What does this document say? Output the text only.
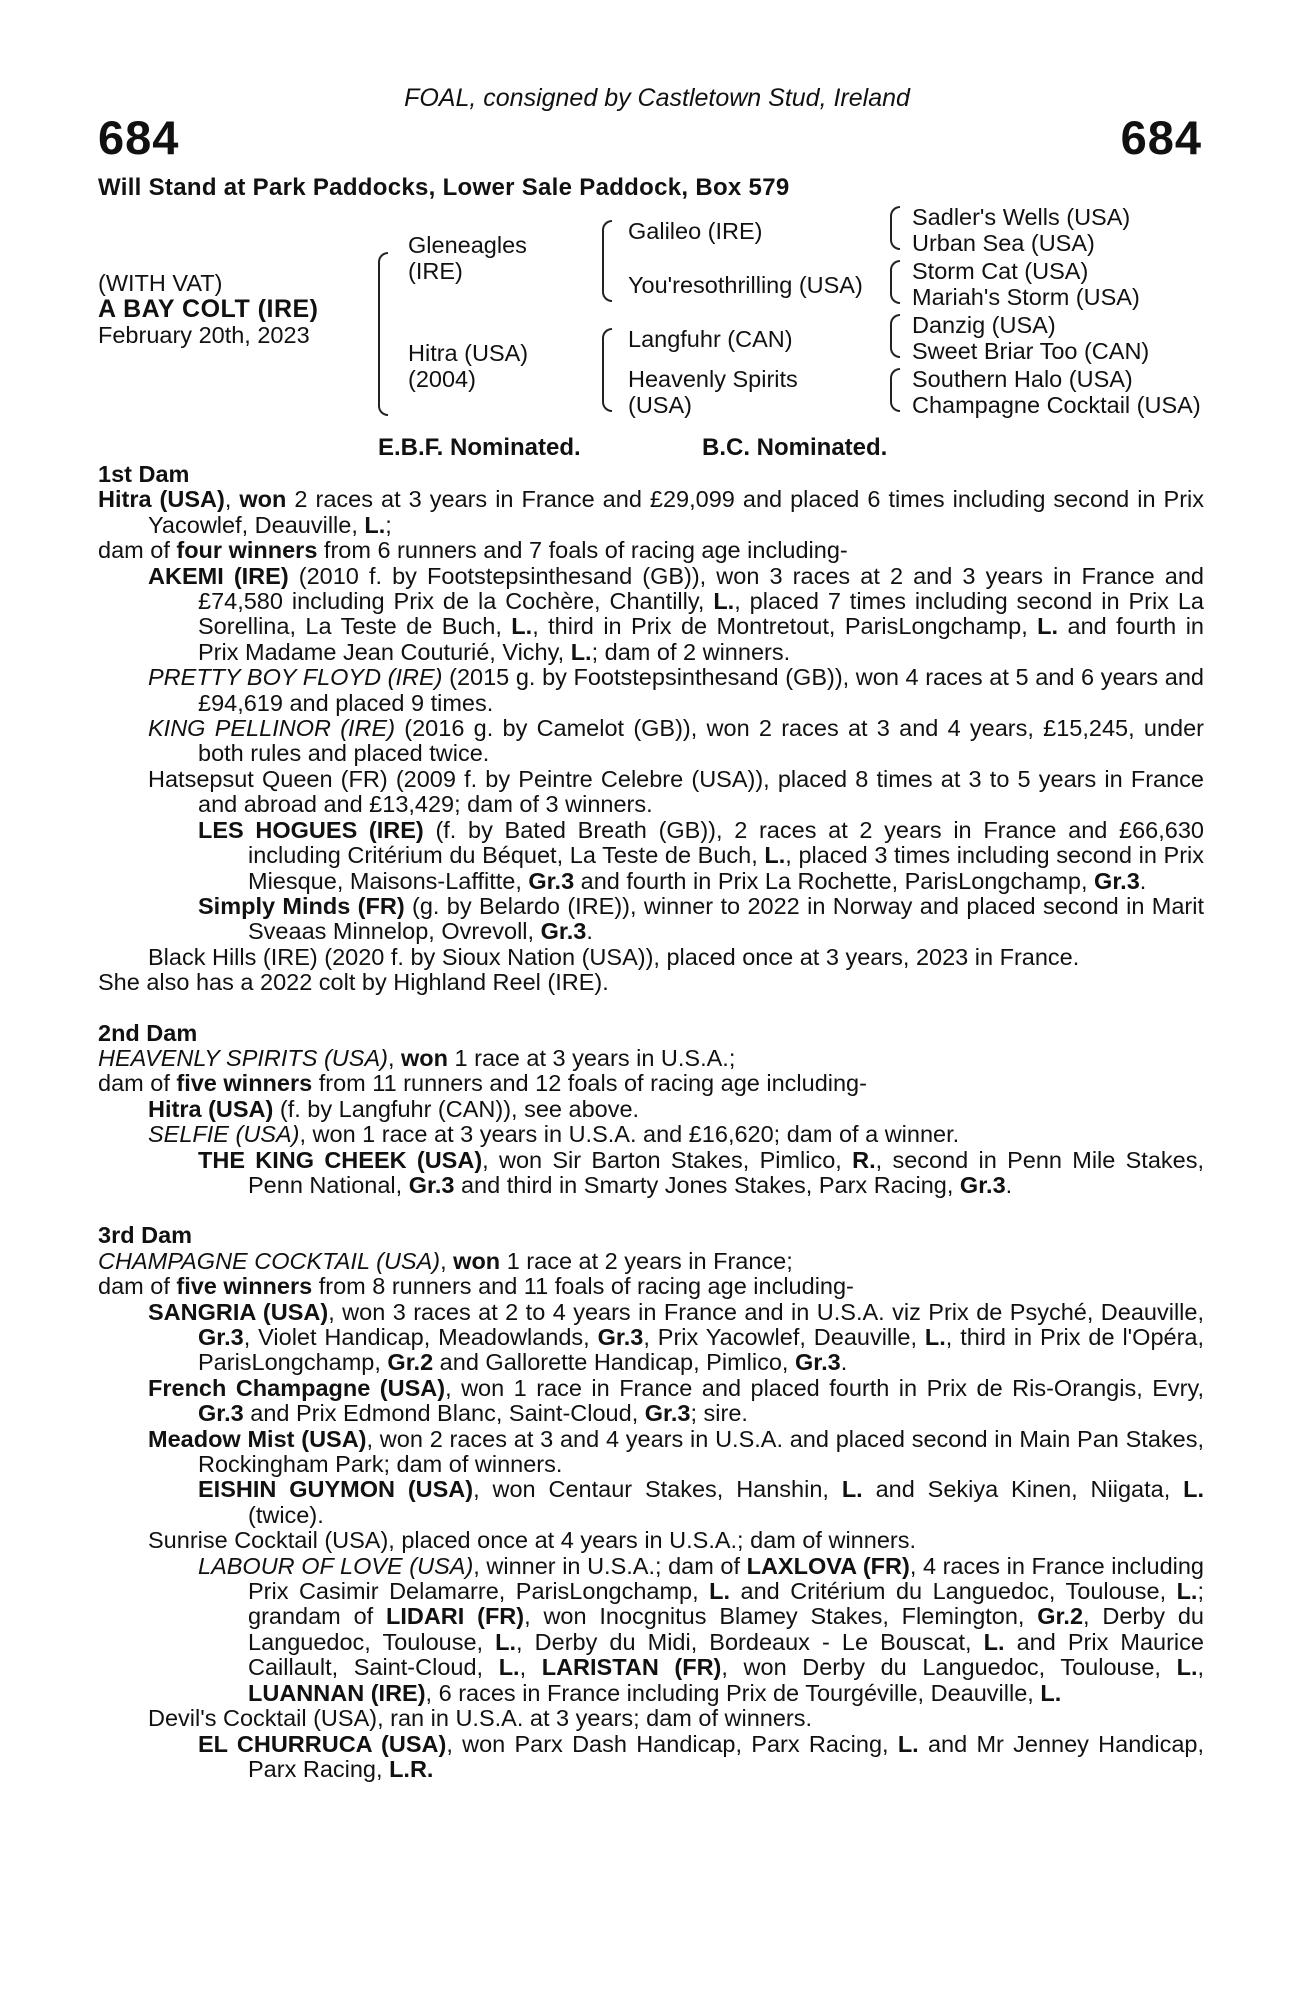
FOAL, consigned by Castletown Stud, Ireland
684	684
Will Stand at Park Paddocks, Lower Sale Paddock, Box 579
(WITH VAT)
A BAY COLT (IRE)
February 20th, 2023
Gleneagles
(IRE)
Hitra (USA)
(2004)
Galileo (IRE)
You'resothrilling (USA)
Langfuhr (CAN)
Heavenly Spirits
(USA)
Sadler's Wells (USA)
Urban Sea (USA)
Storm Cat (USA)
Mariah's Storm (USA)
Danzig (USA)
Sweet Briar Too (CAN)
Southern Halo (USA)
Champagne Cocktail (USA)
E.B.F. Nominated.	B.C. Nominated.
1st Dam
Hitra (USA), won 2 races at 3 years in France and £29,099 and placed 6 times including second in Prix Yacowlef, Deauville, L.;
dam of four winners from 6 runners and 7 foals of racing age including-
AKEMI (IRE) (2010 f. by Footstepsinthesand (GB)), won 3 races at 2 and 3 years in France and £74,580 including Prix de la Cochère, Chantilly, L., placed 7 times including second in Prix La Sorellina, La Teste de Buch, L., third in Prix de Montretout, ParisLongchamp, L. and fourth in Prix Madame Jean Couturié, Vichy, L.; dam of 2 winners.
PRETTY BOY FLOYD (IRE) (2015 g. by Footstepsinthesand (GB)), won 4 races at 5 and 6 years and £94,619 and placed 9 times.
KING PELLINOR (IRE) (2016 g. by Camelot (GB)), won 2 races at 3 and 4 years, £15,245, under both rules and placed twice.
Hatsepsut Queen (FR) (2009 f. by Peintre Celebre (USA)), placed 8 times at 3 to 5 years in France and abroad and £13,429; dam of 3 winners.
LES HOGUES (IRE) (f. by Bated Breath (GB)), 2 races at 2 years in France and £66,630 including Critérium du Béquet, La Teste de Buch, L., placed 3 times including second in Prix Miesque, Maisons-Laffitte, Gr.3 and fourth in Prix La Rochette, ParisLongchamp, Gr.3.
Simply Minds (FR) (g. by Belardo (IRE)), winner to 2022 in Norway and placed second in Marit Sveaas Minnelop, Ovrevoll, Gr.3.
Black Hills (IRE) (2020 f. by Sioux Nation (USA)), placed once at 3 years, 2023 in France.
She also has a 2022 colt by Highland Reel (IRE).
2nd Dam
HEAVENLY SPIRITS (USA), won 1 race at 3 years in U.S.A.;
dam of five winners from 11 runners and 12 foals of racing age including-
Hitra (USA) (f. by Langfuhr (CAN)), see above.
SELFIE (USA), won 1 race at 3 years in U.S.A. and £16,620; dam of a winner.
THE KING CHEEK (USA), won Sir Barton Stakes, Pimlico, R., second in Penn Mile Stakes, Penn National, Gr.3 and third in Smarty Jones Stakes, Parx Racing, Gr.3.
3rd Dam
CHAMPAGNE COCKTAIL (USA), won 1 race at 2 years in France;
dam of five winners from 8 runners and 11 foals of racing age including-
SANGRIA (USA), won 3 races at 2 to 4 years in France and in U.S.A. viz Prix de Psyché, Deauville, Gr.3, Violet Handicap, Meadowlands, Gr.3, Prix Yacowlef, Deauville, L., third in Prix de l'Opéra, ParisLongchamp, Gr.2 and Gallorette Handicap, Pimlico, Gr.3.
French Champagne (USA), won 1 race in France and placed fourth in Prix de Ris-Orangis, Evry, Gr.3 and Prix Edmond Blanc, Saint-Cloud, Gr.3; sire.
Meadow Mist (USA), won 2 races at 3 and 4 years in U.S.A. and placed second in Main Pan Stakes, Rockingham Park; dam of winners.
EISHIN GUYMON (USA), won Centaur Stakes, Hanshin, L. and Sekiya Kinen, Niigata, L. (twice).
Sunrise Cocktail (USA), placed once at 4 years in U.S.A.; dam of winners.
LABOUR OF LOVE (USA), winner in U.S.A.; dam of LAXLOVA (FR), 4 races in France including Prix Casimir Delamarre, ParisLongchamp, L. and Critérium du Languedoc, Toulouse, L.; grandam of LIDARI (FR), won Inocgnitus Blamey Stakes, Flemington, Gr.2, Derby du Languedoc, Toulouse, L., Derby du Midi, Bordeaux - Le Bouscat, L. and Prix Maurice Caillault, Saint-Cloud, L., LARISTAN (FR), won Derby du Languedoc, Toulouse, L., LUANNAN (IRE), 6 races in France including Prix de Tourgéville, Deauville, L.
Devil's Cocktail (USA), ran in U.S.A. at 3 years; dam of winners.
EL CHURRUCA (USA), won Parx Dash Handicap, Parx Racing, L. and Mr Jenney Handicap, Parx Racing, L.R.
